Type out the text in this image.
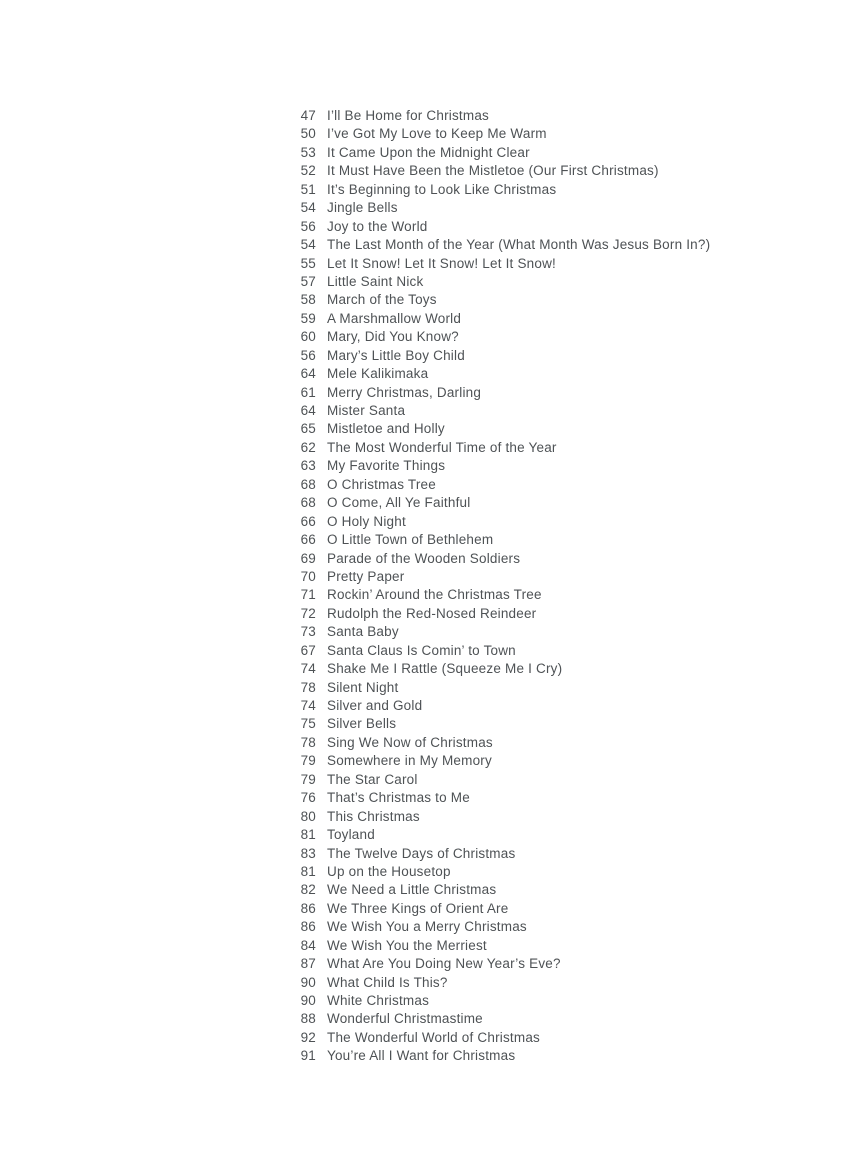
47 I’ll Be Home for Christmas
50 I’ve Got My Love to Keep Me Warm
53 It Came Upon the Midnight Clear
52 It Must Have Been the Mistletoe (Our First Christmas)
51 It’s Beginning to Look Like Christmas
54 Jingle Bells
56 Joy to the World
54 The Last Month of the Year (What Month Was Jesus Born In?)
55 Let It Snow! Let It Snow! Let It Snow!
57 Little Saint Nick
58 March of the Toys
59 A Marshmallow World
60 Mary, Did You Know?
56 Mary’s Little Boy Child
64 Mele Kalikimaka
61 Merry Christmas, Darling
64 Mister Santa
65 Mistletoe and Holly
62 The Most Wonderful Time of the Year
63 My Favorite Things
68 O Christmas Tree
68 O Come, All Ye Faithful
66 O Holy Night
66 O Little Town of Bethlehem
69 Parade of the Wooden Soldiers
70 Pretty Paper
71 Rockin’ Around the Christmas Tree
72 Rudolph the Red-Nosed Reindeer
73 Santa Baby
67 Santa Claus Is Comin’ to Town
74 Shake Me I Rattle (Squeeze Me I Cry)
78 Silent Night
74 Silver and Gold
75 Silver Bells
78 Sing We Now of Christmas
79 Somewhere in My Memory
79 The Star Carol
76 That’s Christmas to Me
80 This Christmas
81 Toyland
83 The Twelve Days of Christmas
81 Up on the Housetop
82 We Need a Little Christmas
86 We Three Kings of Orient Are
86 We Wish You a Merry Christmas
84 We Wish You the Merriest
87 What Are You Doing New Year’s Eve?
90 What Child Is This?
90 White Christmas
88 Wonderful Christmastime
92 The Wonderful World of Christmas
91 You’re All I Want for Christmas
